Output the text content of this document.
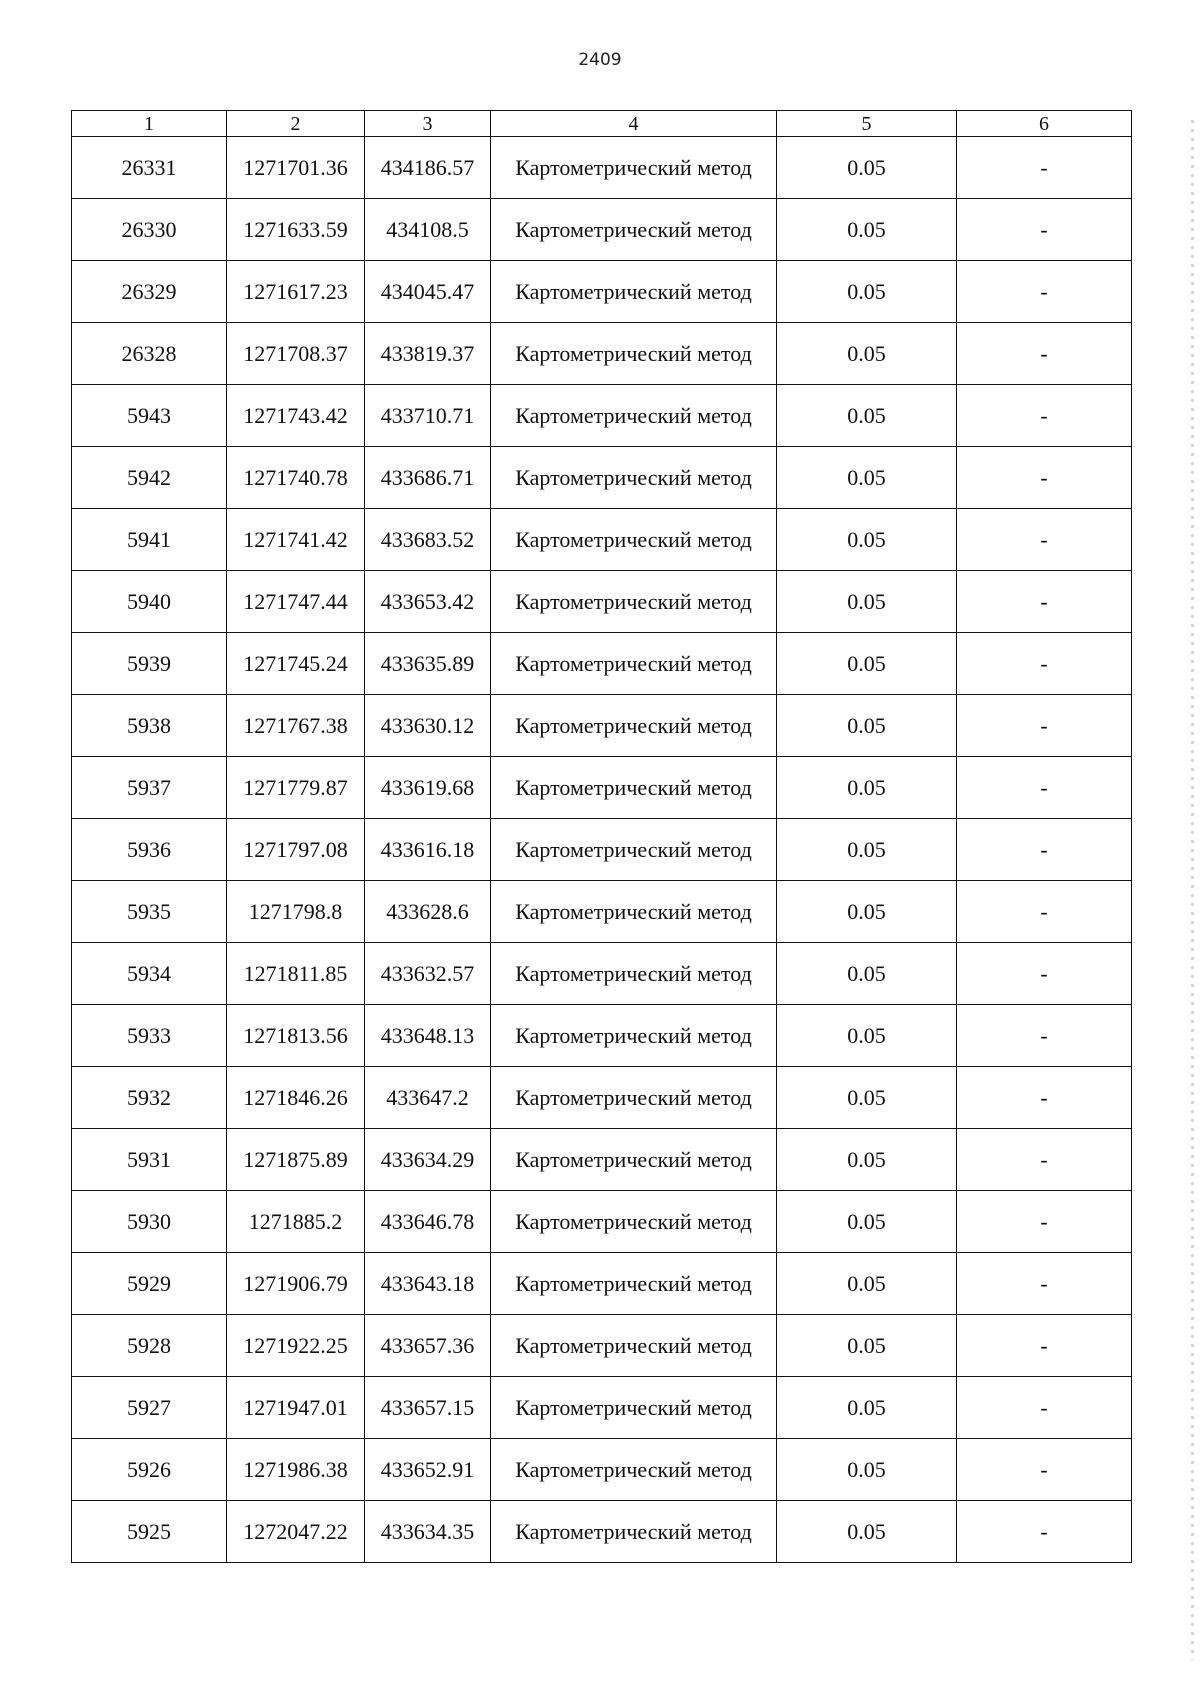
2409
1	2	3	4	5	6
26331	1271701.36	434186.57	Картометрический метод	0.05	-
26330	1271633.59	434108.5	Картометрический метод	0.05	-
26329	1271617.23	434045.47	Картометрический метод	0.05	-
26328	1271708.37	433819.37	Картометрический метод	0.05	-
5943	1271743.42	433710.71	Картометрический метод	0.05	-
5942	1271740.78	433686.71	Картометрический метод	0.05	-
5941	1271741.42	433683.52	Картометрический метод	0.05	-
5940	1271747.44	433653.42	Картометрический метод	0.05	-
5939	1271745.24	433635.89	Картометрический метод	0.05	-
5938	1271767.38	433630.12	Картометрический метод	0.05	-
5937	1271779.87	433619.68	Картометрический метод	0.05	-
5936	1271797.08	433616.18	Картометрический метод	0.05	-
5935	1271798.8	433628.6	Картометрический метод	0.05	-
5934	1271811.85	433632.57	Картометрический метод	0.05	-
5933	1271813.56	433648.13	Картометрический метод	0.05	-
5932	1271846.26	433647.2	Картометрический метод	0.05	-
5931	1271875.89	433634.29	Картометрический метод	0.05	-
5930	1271885.2	433646.78	Картометрический метод	0.05	-
5929	1271906.79	433643.18	Картометрический метод	0.05	-
5928	1271922.25	433657.36	Картометрический метод	0.05	-
5927	1271947.01	433657.15	Картометрический метод	0.05	-
5926	1271986.38	433652.91	Картометрический метод	0.05	-
5925	1272047.22	433634.35	Картометрический метод	0.05	-
